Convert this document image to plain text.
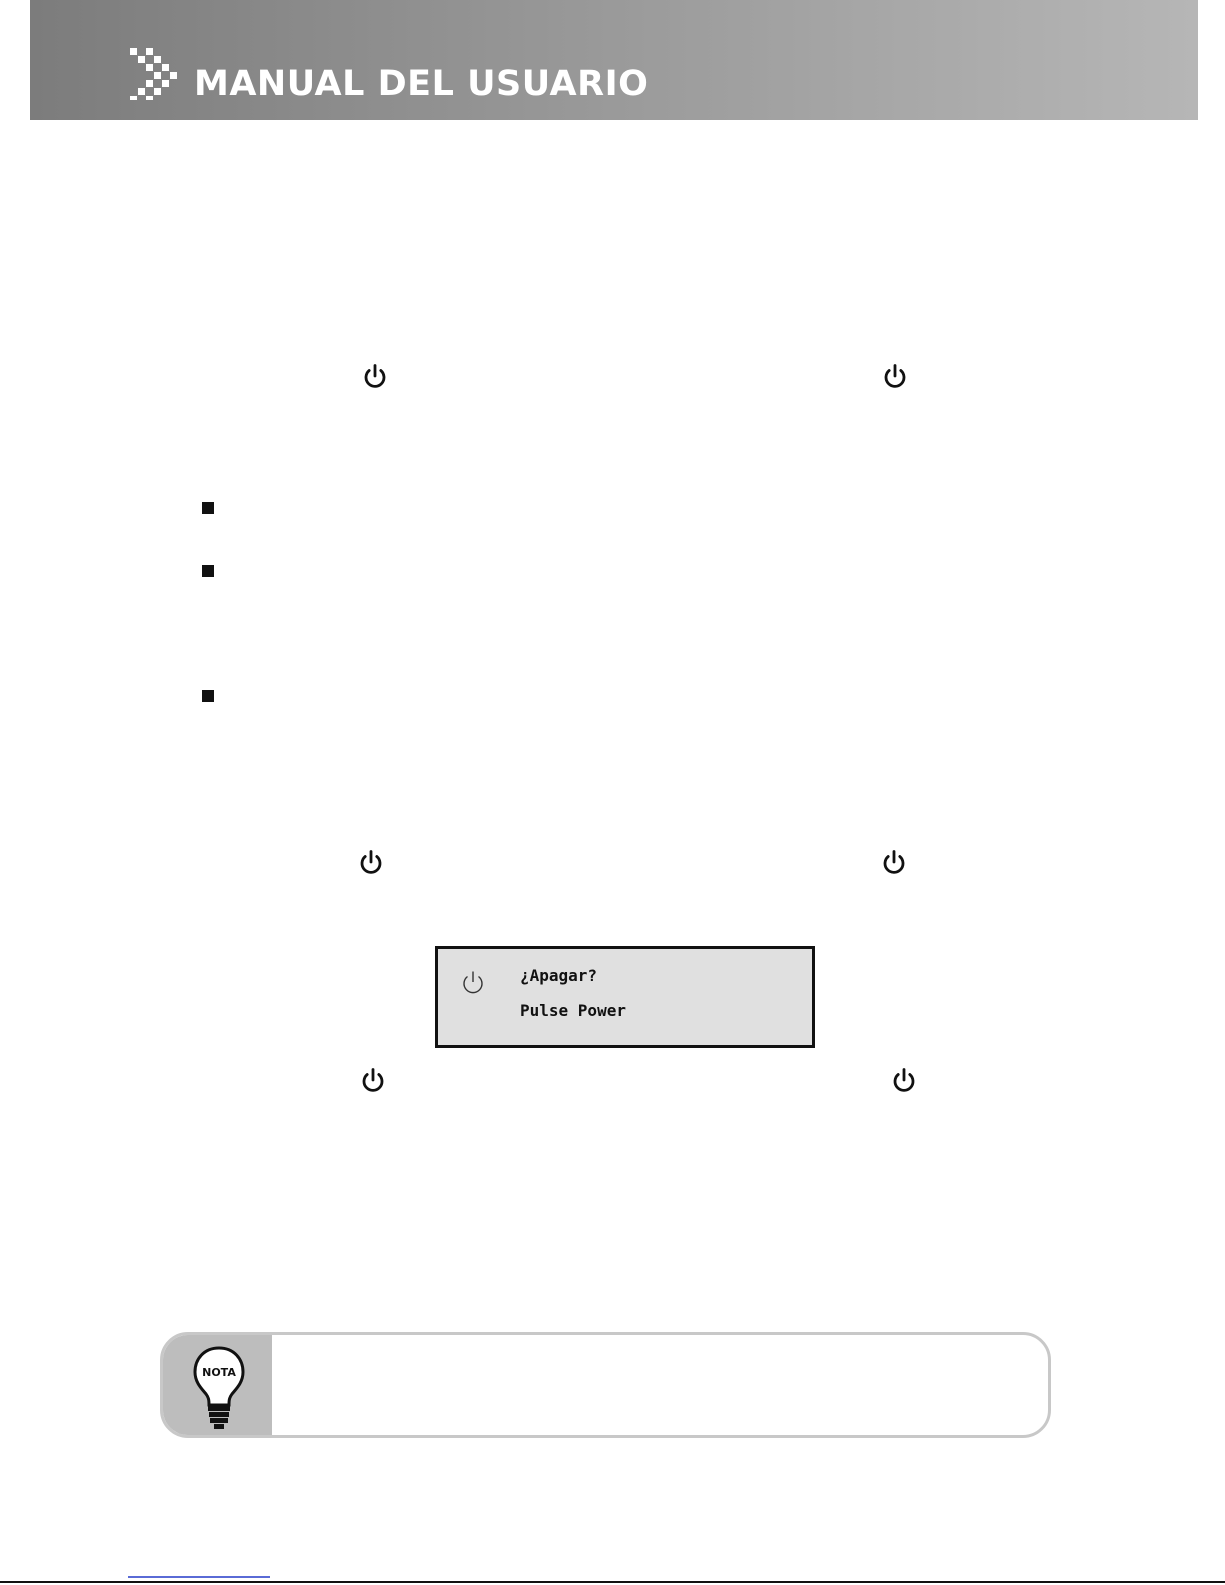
MANUAL DEL USUARIO
¿Apagar?
Pulse Power
NOTA
